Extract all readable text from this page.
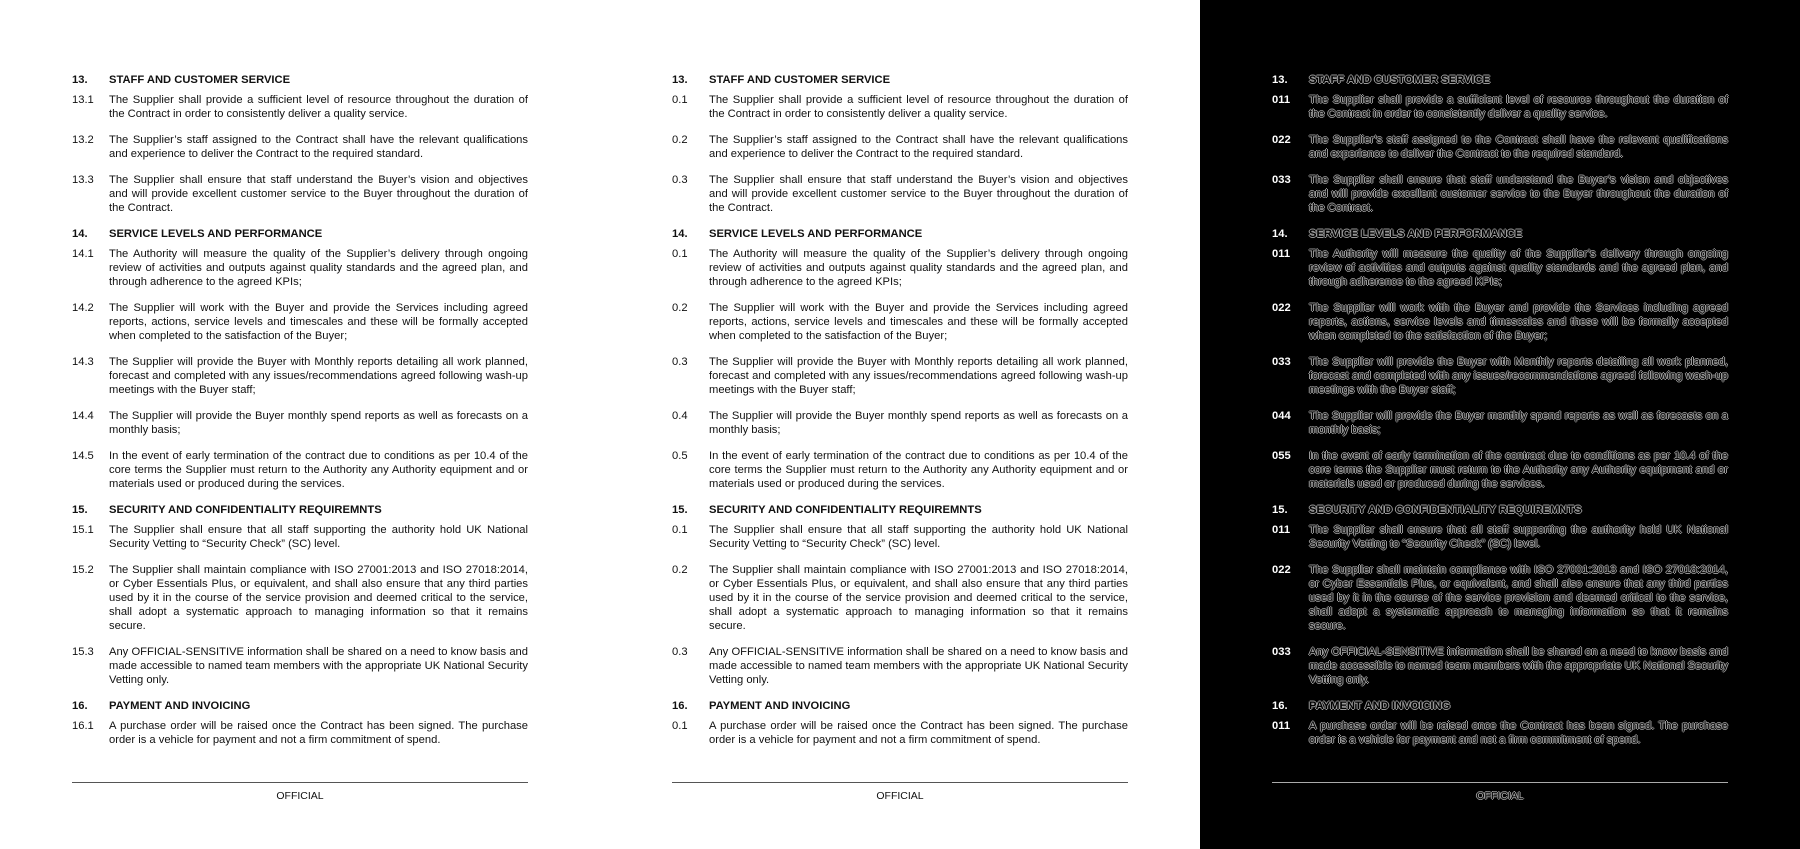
13.	STAFF AND CUSTOMER SERVICE
13.1	The Supplier shall provide a sufficient level of resource throughout the duration of the Contract in order to consistently deliver a quality service.
13.2	The Supplier’s staff assigned to the Contract shall have the relevant qualifications and experience to deliver the Contract to the required standard.
13.3	The Supplier shall ensure that staff understand the Buyer’s vision and objectives and will provide excellent customer service to the Buyer throughout the duration of the Contract.
14.	SERVICE LEVELS AND PERFORMANCE
14.1	The Authority will measure the quality of the Supplier’s delivery through ongoing review of activities and outputs against quality standards and the agreed plan, and through adherence to the agreed KPIs;
14.2	The Supplier will work with the Buyer and provide the Services including agreed reports, actions, service levels and timescales and these will be formally accepted when completed to the satisfaction of the Buyer;
14.3	The Supplier will provide the Buyer with Monthly reports detailing all work planned, forecast and completed with any issues/recommendations agreed following wash-up meetings with the Buyer staff;
14.4	The Supplier will provide the Buyer monthly spend reports as well as forecasts on a monthly basis;
14.5	In the event of early termination of the contract due to conditions as per 10.4 of the core terms the Supplier must return to the Authority any Authority equipment and or materials used or produced during the services.
15.	SECURITY AND CONFIDENTIALITY REQUIREMNTS
15.1	The Supplier shall ensure that all staff supporting the authority hold UK National Security Vetting to “Security Check” (SC) level.
15.2	The Supplier shall maintain compliance with ISO 27001:2013 and ISO 27018:2014, or Cyber Essentials Plus, or equivalent, and shall also ensure that any third parties used by it in the course of the service provision and deemed critical to the service, shall adopt a systematic approach to managing information so that it remains secure.
15.3	Any OFFICIAL-SENSITIVE information shall be shared on a need to know basis and made accessible to named team members with the appropriate UK National Security Vetting only.
16.	PAYMENT AND INVOICING
16.1	A purchase order will be raised once the Contract has been signed. The purchase order is a vehicle for payment and not a firm commitment of spend.
OFFICIAL
13.	STAFF AND CUSTOMER SERVICE
0.1	The Supplier shall provide a sufficient level of resource throughout the duration of the Contract in order to consistently deliver a quality service.
0.2	The Supplier’s staff assigned to the Contract shall have the relevant qualifications and experience to deliver the Contract to the required standard.
0.3	The Supplier shall ensure that staff understand the Buyer’s vision and objectives and will provide excellent customer service to the Buyer throughout the duration of the Contract.
14.	SERVICE LEVELS AND PERFORMANCE
0.1	The Authority will measure the quality of the Supplier’s delivery through ongoing review of activities and outputs against quality standards and the agreed plan, and through adherence to the agreed KPIs;
0.2	The Supplier will work with the Buyer and provide the Services including agreed reports, actions, service levels and timescales and these will be formally accepted when completed to the satisfaction of the Buyer;
0.3	The Supplier will provide the Buyer with Monthly reports detailing all work planned, forecast and completed with any issues/recommendations agreed following wash-up meetings with the Buyer staff;
0.4	The Supplier will provide the Buyer monthly spend reports as well as forecasts on a monthly basis;
0.5	In the event of early termination of the contract due to conditions as per 10.4 of the core terms the Supplier must return to the Authority any Authority equipment and or materials used or produced during the services.
15.	SECURITY AND CONFIDENTIALITY REQUIREMNTS
0.1	The Supplier shall ensure that all staff supporting the authority hold UK National Security Vetting to “Security Check” (SC) level.
0.2	The Supplier shall maintain compliance with ISO 27001:2013 and ISO 27018:2014, or Cyber Essentials Plus, or equivalent, and shall also ensure that any third parties used by it in the course of the service provision and deemed critical to the service, shall adopt a systematic approach to managing information so that it remains secure.
0.3	Any OFFICIAL-SENSITIVE information shall be shared on a need to know basis and made accessible to named team members with the appropriate UK National Security Vetting only.
16.	PAYMENT AND INVOICING
0.1	A purchase order will be raised once the Contract has been signed. The purchase order is a vehicle for payment and not a firm commitment of spend.
OFFICIAL
13.	STAFF AND CUSTOMER SERVICE
011	The Supplier shall provide a sufficient level of resource throughout the duration of the Contract in order to consistently deliver a quality service.
022	The Supplier’s staff assigned to the Contract shall have the relevant qualifications and experience to deliver the Contract to the required standard.
033	The Supplier shall ensure that staff understand the Buyer’s vision and objectives and will provide excellent customer service to the Buyer throughout the duration of the Contract.
14.	SERVICE LEVELS AND PERFORMANCE
011	The Authority will measure the quality of the Supplier’s delivery through ongoing review of activities and outputs against quality standards and the agreed plan, and through adherence to the agreed KPIs;
022	The Supplier will work with the Buyer and provide the Services including agreed reports, actions, service levels and timescales and these will be formally accepted when completed to the satisfaction of the Buyer;
033	The Supplier will provide the Buyer with Monthly reports detailing all work planned, forecast and completed with any issues/recommendations agreed following wash-up meetings with the Buyer staff;
044	The Supplier will provide the Buyer monthly spend reports as well as forecasts on a monthly basis;
055	In the event of early termination of the contract due to conditions as per 10.4 of the core terms the Supplier must return to the Authority any Authority equipment and or materials used or produced during the services.
15.	SECURITY AND CONFIDENTIALITY REQUIREMNTS
011	The Supplier shall ensure that all staff supporting the authority hold UK National Security Vetting to “Security Check” (SC) level.
022	The Supplier shall maintain compliance with ISO 27001:2013 and ISO 27018:2014, or Cyber Essentials Plus, or equivalent, and shall also ensure that any third parties used by it in the course of the service provision and deemed critical to the service, shall adopt a systematic approach to managing information so that it remains secure.
033	Any OFFICIAL-SENSITIVE information shall be shared on a need to know basis and made accessible to named team members with the appropriate UK National Security Vetting only.
16.	PAYMENT AND INVOICING
011	A purchase order will be raised once the Contract has been signed. The purchase order is a vehicle for payment and not a firm commitment of spend.
OFFICIAL
